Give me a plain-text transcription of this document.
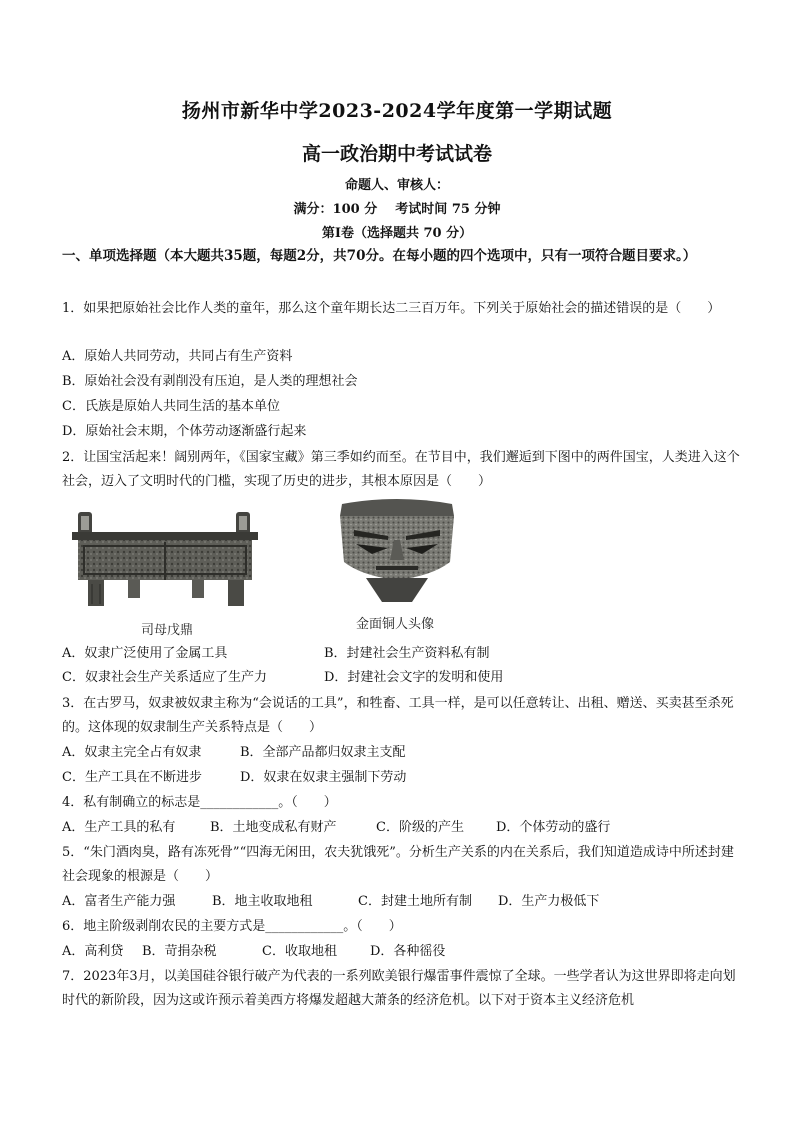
扬州市新华中学2023-2024学年度第一学期试题
高一政治期中考试试卷
命题人、审核人：
满分：100 分    考试时间 75 分钟
第Ⅰ卷（选择题共 70 分）
一、单项选择题（本大题共35题，每题2分，共70分。在每小题的四个选项中，只有一项符合题目要求。）
1．如果把原始社会比作人类的童年，那么这个童年期长达二三百万年。下列关于原始社会的描述错误的是（　　）
A．原始人共同劳动，共同占有生产资料
B．原始社会没有剥削没有压迫，是人类的理想社会
C．氏族是原始人共同生活的基本单位
D．原始社会末期，个体劳动逐渐盛行起来
2．让国宝活起来！阔别两年，《国家宝藏》第三季如约而至。在节目中，我们邂逅到下图中的两件国宝，人类进入这个社会，迈入了文明时代的门槛，实现了历史的进步，其根本原因是（　　）
司母戊鼎	金面铜人头像
A．奴隶广泛使用了金属工具	B．封建社会生产资料私有制
C．奴隶社会生产关系适应了生产力	D．封建社会文字的发明和使用
3．在古罗马，奴隶被奴隶主称为“会说话的工具”，和牲畜、工具一样，是可以任意转让、出租、赠送、买卖甚至杀死的。这体现的奴隶制生产关系特点是（　　）
A．奴隶主完全占有奴隶	B．全部产品都归奴隶主支配
C．生产工具在不断进步	D．奴隶在奴隶主强制下劳动
4．私有制确立的标志是____________。（　　）
A．生产工具的私有	B．土地变成私有财产	C．阶级的产生 D．个体劳动的盛行
5．“朱门酒肉臭，路有冻死骨”“四海无闲田，农夫犹饿死”。分析生产关系的内在关系后，我们知道造成诗中所述封建社会现象的根源是（　　）
A．富者生产能力强	B．地主收取地租	C．封建土地所有制 D．生产力极低下
6．地主阶级剥削农民的主要方式是____________。（　　）
A．高利贷 B．苛捐杂税	C．收取地租	D．各种徭役
7．2023年3月，以美国硅谷银行破产为代表的一系列欧美银行爆雷事件震惊了全球。一些学者认为这世界即将走向划时代的新阶段，因为这或许预示着美西方将爆发超越大萧条的经济危机。以下对于资本主义经济危机
